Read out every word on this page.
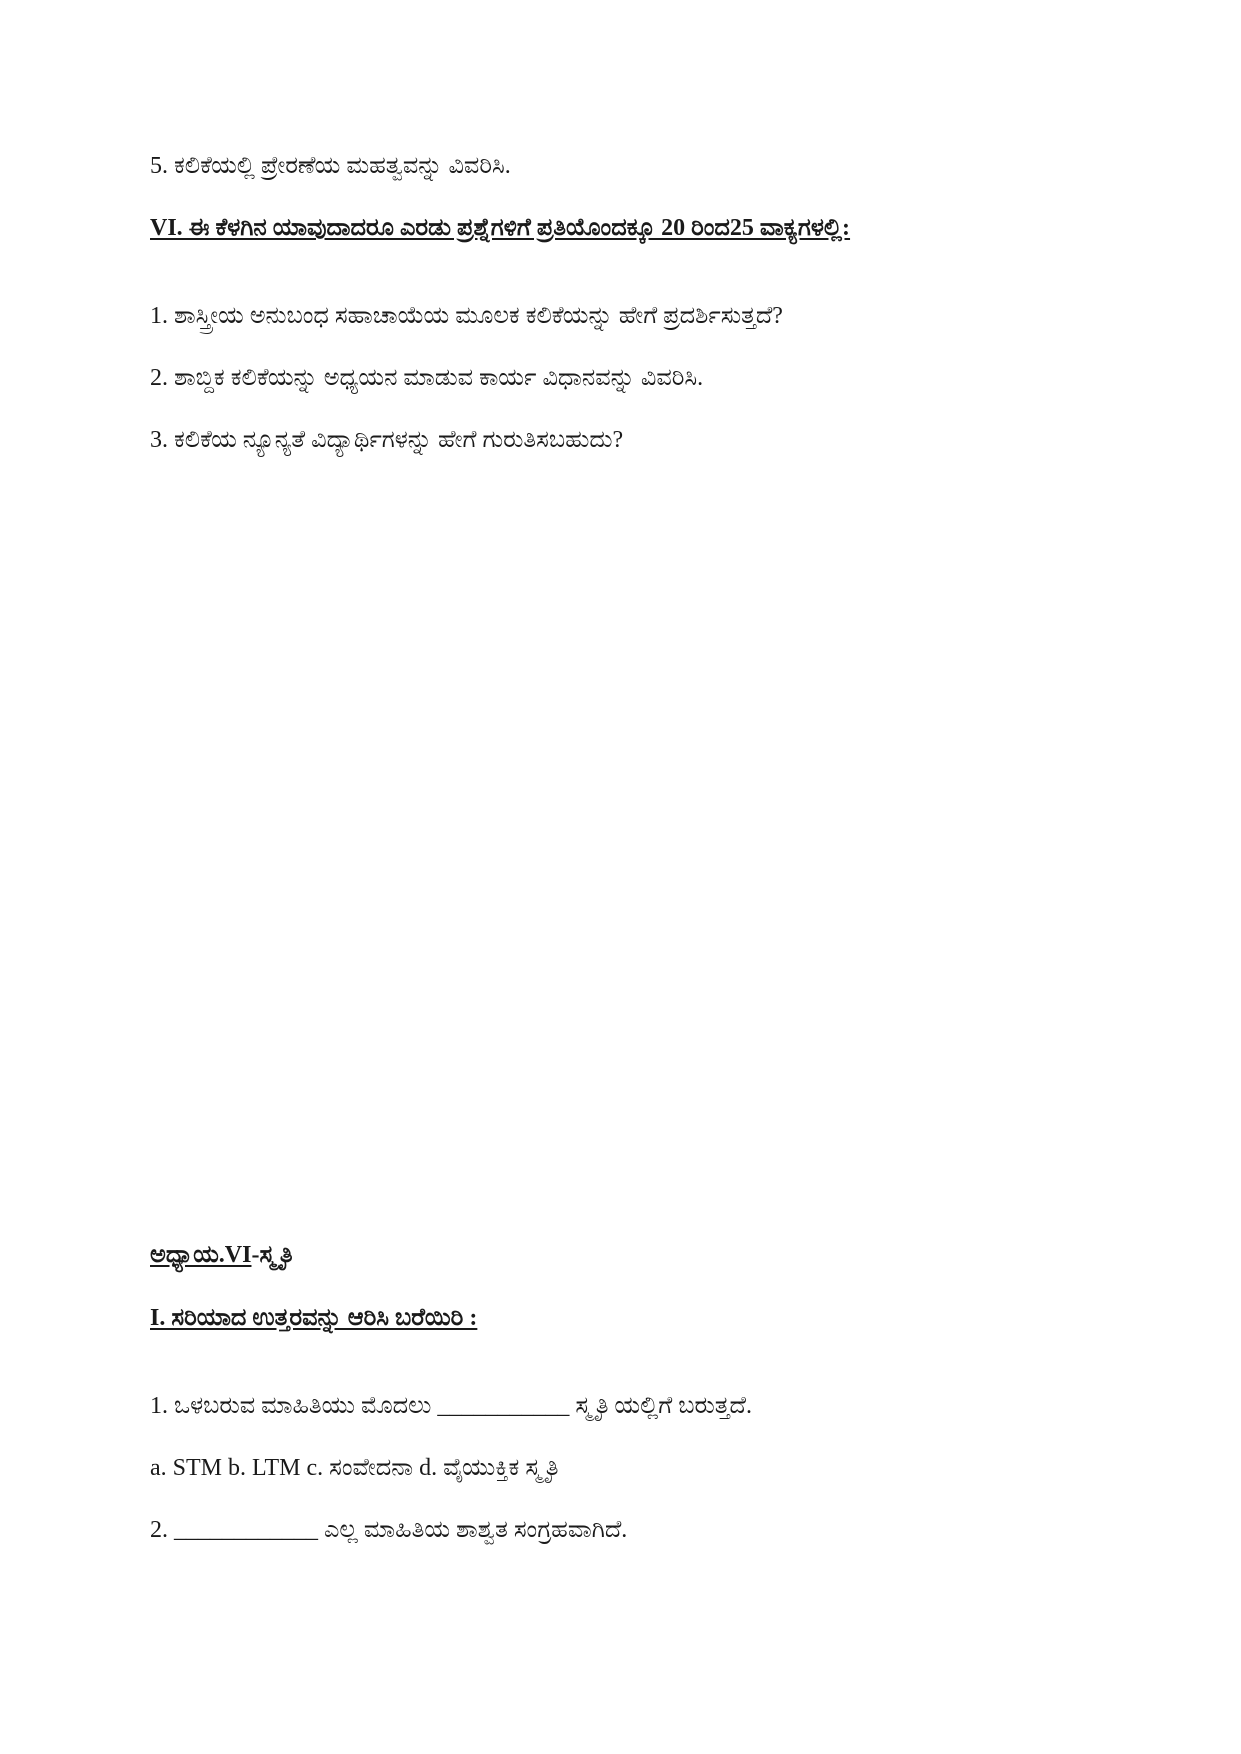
5. ಕಲಿಕೆಯಲ್ಲಿ ಪ್ರೇರಣೆಯ ಮಹತ್ವವನ್ನು ವಿವರಿಸಿ.
VI. ಈ ಕೆಳಗಿನ ಯಾವುದಾದರೂ ಎರಡು ಪ್ರಶ್ನೆಗಳಿಗೆ ಪ್ರತಿಯೊಂದಕ್ಕೂ 20 ರಿಂದ25 ವಾಕ್ಯಗಳಲ್ಲಿ:
1. ಶಾಸ್ತ್ರೀಯ ಅನುಬಂಧ ಸಹಾಚಾಯೆಯ ಮೂಲಕ ಕಲಿಕೆಯನ್ನು ಹೇಗೆ ಪ್ರದರ್ಶಿಸುತ್ತದೆ?
2. ಶಾಬ್ದಿಕ ಕಲಿಕೆಯನ್ನು ಅಧ್ಯಯನ ಮಾಡುವ ಕಾರ್ಯ ವಿಧಾನವನ್ನು ವಿವರಿಸಿ.
3. ಕಲಿಕೆಯ ನ್ಯೂನ್ಯತೆ ವಿದ್ಯಾರ್ಥಿಗಳನ್ನು ಹೇಗೆ ಗುರುತಿಸಬಹುದು?
ಅಧ್ಯಾಯ.VI-ಸ್ಮೃತಿ
I. ಸರಿಯಾದ ಉತ್ತರವನ್ನು ಆರಿಸಿ ಬರೆಯಿರಿ :
1. ಒಳಬರುವ ಮಾಹಿತಿಯು ಮೊದಲು ___________ ಸ್ಮೃತಿ ಯಲ್ಲಿಗೆ ಬರುತ್ತದೆ.
a. STM b. LTM c. ಸಂವೇದನಾ d. ವೈಯುಕ್ತಿಕ ಸ್ಮೃತಿ
2. ____________ ಎಲ್ಲ ಮಾಹಿತಿಯ ಶಾಶ್ವತ ಸಂಗ್ರಹವಾಗಿದೆ.
